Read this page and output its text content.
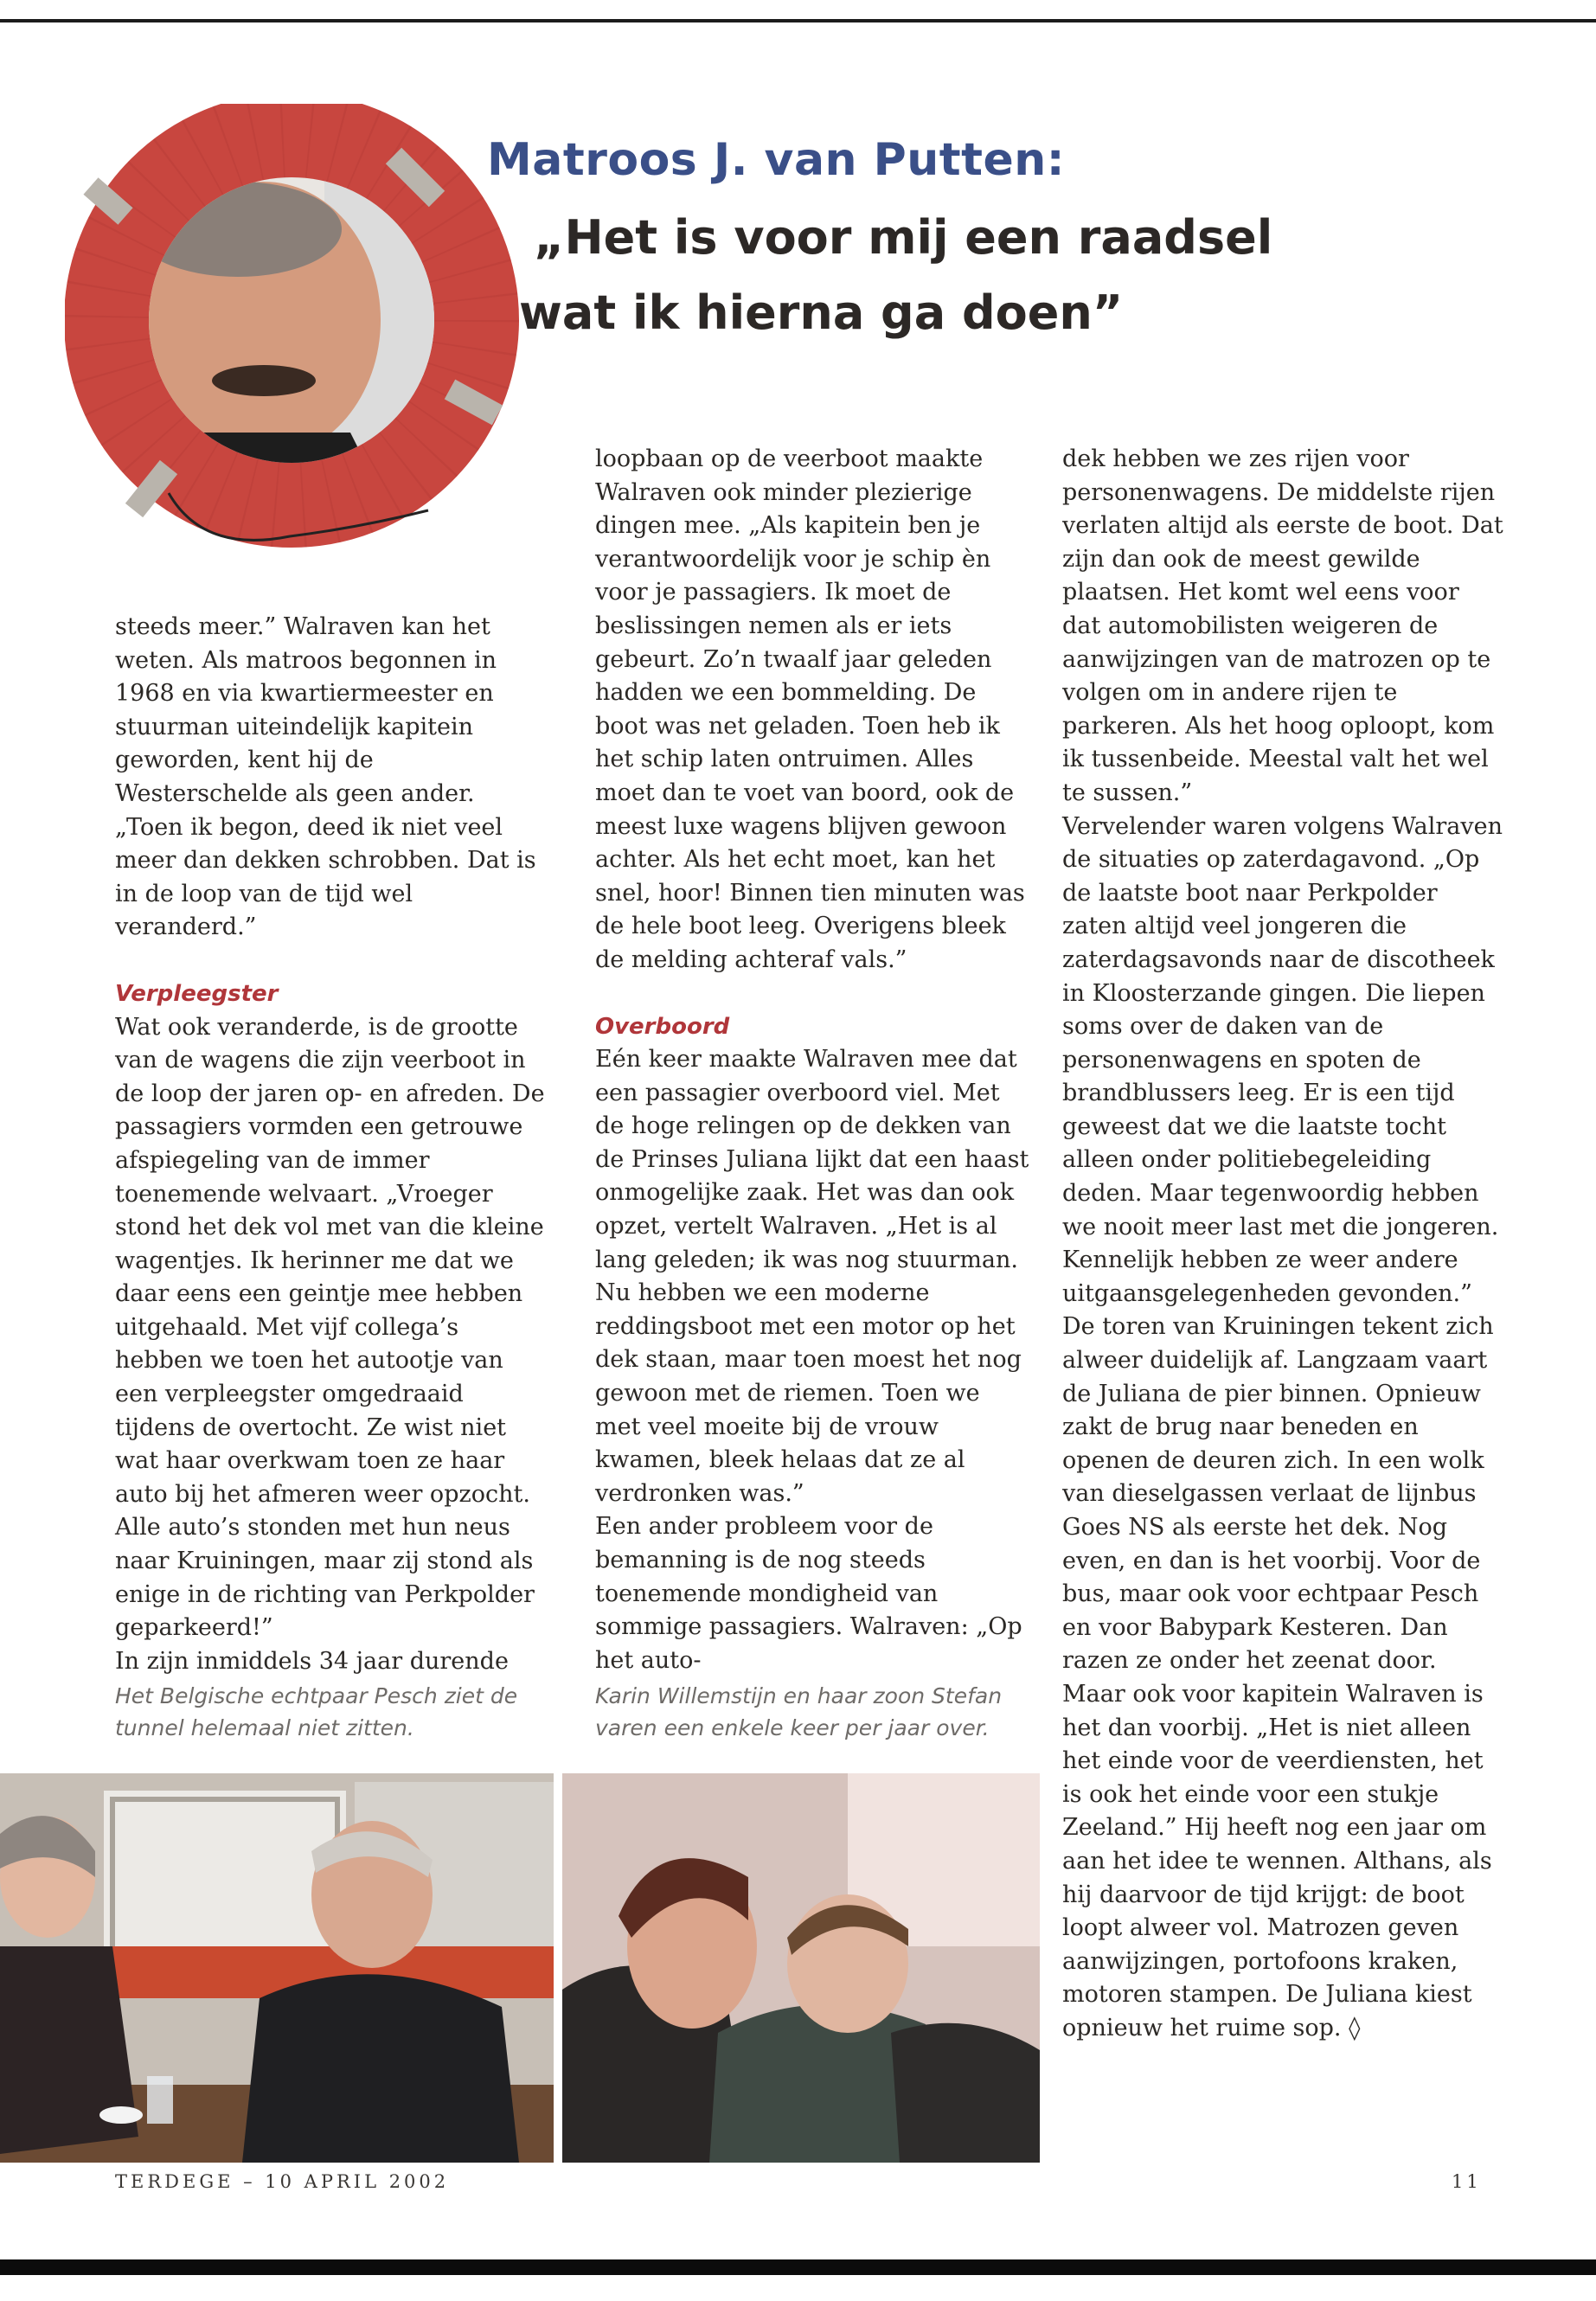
Matroos J. van Putten:
„Het is voor mij een raadsel
wat ik hierna ga doen”

steeds meer.” Walraven kan het weten. Als matroos begonnen in 1968 en via kwartiermeester en stuurman uiteindelijk kapitein geworden, kent hij de Westerschelde als geen ander. „Toen ik begon, deed ik niet veel meer dan dekken schrobben. Dat is in de loop van de tijd wel veranderd.”

Verpleegster

Wat ook veranderde, is de grootte van de wagens die zijn veerboot in de loop der jaren op- en afreden. De passagiers vormden een getrouwe afspiegeling van de immer toenemende welvaart. „Vroeger stond het dek vol met van die kleine wagentjes. Ik herinner me dat we daar eens een geintje mee hebben uitgehaald. Met vijf collega’s hebben we toen het autootje van een verpleegster omgedraaid tijdens de overtocht. Ze wist niet wat haar overkwam toen ze haar auto bij het afmeren weer opzocht. Alle auto’s stonden met hun neus naar Kruiningen, maar zij stond als enige in de richting van Perkpolder geparkeerd!”

In zijn inmiddels 34 jaar durende

loopbaan op de veerboot maakte Walraven ook minder plezierige dingen mee. „Als kapitein ben je verantwoordelijk voor je schip èn voor je passagiers. Ik moet de beslissingen nemen als er iets gebeurt. Zo’n twaalf jaar geleden hadden we een bommelding. De boot was net geladen. Toen heb ik het schip laten ontruimen. Alles moet dan te voet van boord, ook de meest luxe wagens blijven gewoon achter. Als het echt moet, kan het snel, hoor! Binnen tien minuten was de hele boot leeg. Overigens bleek de melding achteraf vals.”

Overboord

Eén keer maakte Walraven mee dat een passagier overboord viel. Met de hoge relingen op de dekken van de Prinses Juliana lijkt dat een haast onmogelijke zaak. Het was dan ook opzet, vertelt Walraven. „Het is al lang geleden; ik was nog stuurman. Nu hebben we een moderne reddingsboot met een motor op het dek staan, maar toen moest het nog gewoon met de riemen. Toen we met veel moeite bij de vrouw kwamen, bleek helaas dat ze al verdronken was.”

Een ander probleem voor de bemanning is de nog steeds toenemende mondigheid van sommige passagiers. Walraven: „Op het auto-

dek hebben we zes rijen voor personenwagens. De middelste rijen verlaten altijd als eerste de boot. Dat zijn dan ook de meest gewilde plaatsen. Het komt wel eens voor dat automobilisten weigeren de aanwijzingen van de matrozen op te volgen om in andere rijen te parkeren. Als het hoog oploopt, kom ik tussenbeide. Meestal valt het wel te sussen.”

Vervelender waren volgens Walraven de situaties op zaterdagavond. „Op de laatste boot naar Perkpolder zaten altijd veel jongeren die zaterdagsavonds naar de discotheek in Kloosterzande gingen. Die liepen soms over de daken van de personenwagens en spoten de brandblussers leeg. Er is een tijd geweest dat we die laatste tocht alleen onder politiebegeleiding deden. Maar tegenwoordig hebben we nooit meer last met die jongeren. Kennelijk hebben ze weer andere uitgaansgelegenheden gevonden.”

De toren van Kruiningen tekent zich alweer duidelijk af. Langzaam vaart de Juliana de pier binnen. Opnieuw zakt de brug naar beneden en openen de deuren zich. In een wolk van dieselgassen verlaat de lijnbus Goes NS als eerste het dek. Nog even, en dan is het voorbij. Voor de bus, maar ook voor echtpaar Pesch en voor Babypark Kesteren. Dan razen ze onder het zeenat door. Maar ook voor kapitein Walraven is het dan voorbij. „Het is niet alleen het einde voor de veerdiensten, het is ook het einde voor een stukje Zeeland.” Hij heeft nog een jaar om aan het idee te wennen. Althans, als hij daarvoor de tijd krijgt: de boot loopt alweer vol. Matrozen geven aanwijzingen, portofoons kraken, motoren stampen. De Juliana kiest opnieuw het ruime sop. ◊

Het Belgische echtpaar Pesch ziet de tunnel helemaal niet zitten.
Karin Willemstijn en haar zoon Stefan varen een enkele keer per jaar over.
TERDEGE – 10 APRIL 2002	11
